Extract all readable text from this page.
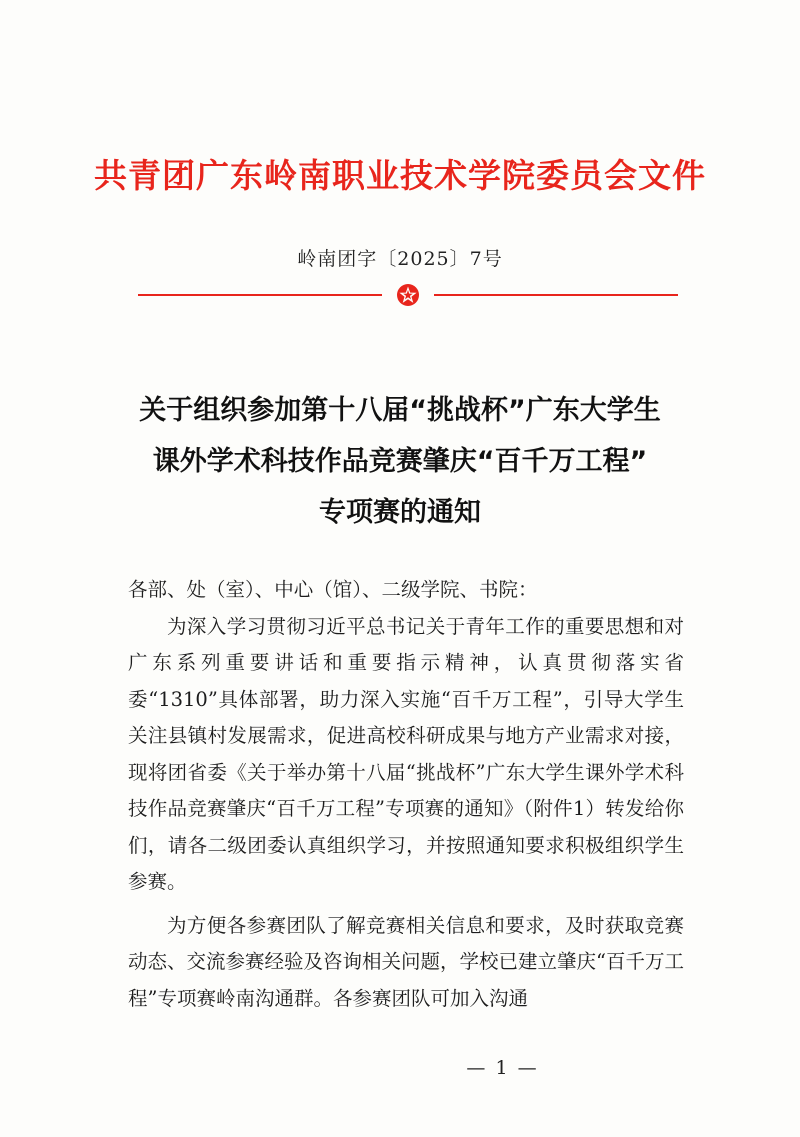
共青团广东岭南职业技术学院委员会文件
岭南团字〔2025〕7号
关于组织参加第十八届“挑战杯”广东大学生
课外学术科技作品竞赛肇庆“百千万工程”
专项赛的通知
各部、处（室）、中心（馆）、二级学院、书院：
为深入学习贯彻习近平总书记关于青年工作的重要思想和对广东系列重要讲话和重要指示精神，认真贯彻落实省委“1310”具体部署，助力深入实施“百千万工程”，引导大学生关注县镇村发展需求，促进高校科研成果与地方产业需求对接，现将团省委《关于举办第十八届“挑战杯”广东大学生课外学术科技作品竞赛肇庆“百千万工程”专项赛的通知》（附件1）转发给你们，请各二级团委认真组织学习，并按照通知要求积极组织学生参赛。
为方便各参赛团队了解竞赛相关信息和要求，及时获取竞赛动态、交流参赛经验及咨询相关问题，学校已建立肇庆“百千万工程”专项赛岭南沟通群。各参赛团队可加入沟通
— 1 —
